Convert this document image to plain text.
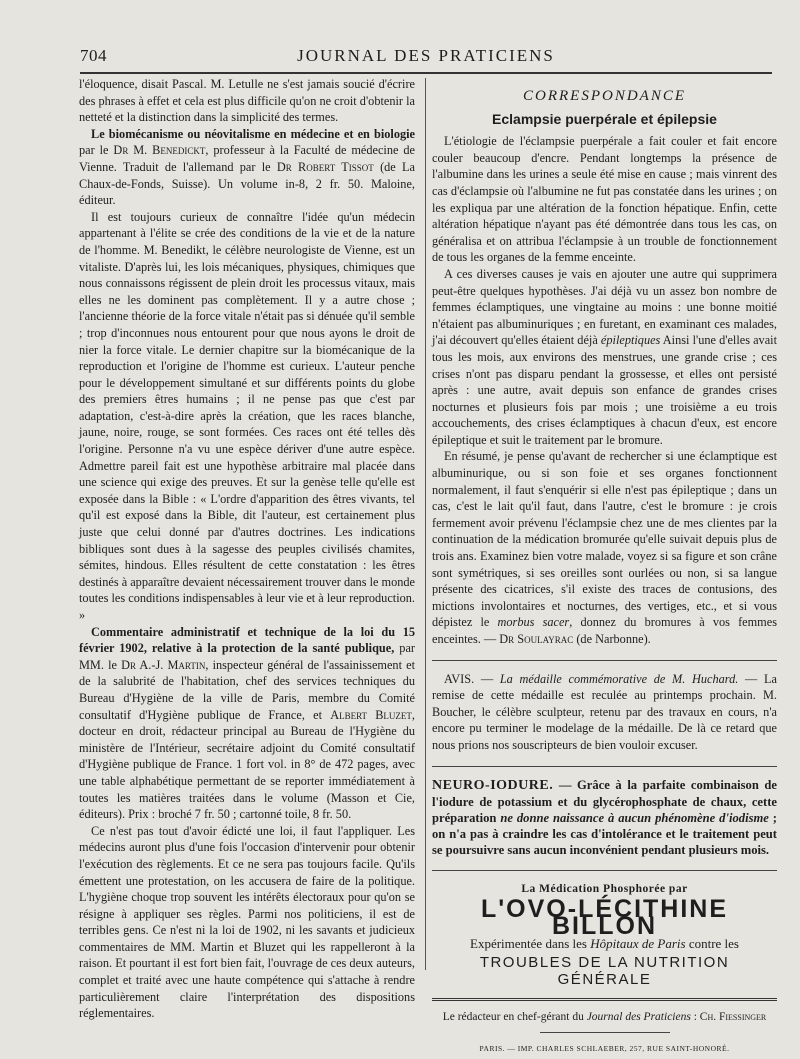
704	JOURNAL DES PRATICIENS

l'éloquence, disait Pascal. M. Letulle ne s'est jamais soucié d'écrire des phrases à effet et cela est plus difficile qu'on ne croit d'obtenir la netteté et la distinction dans la simplicité des termes.

Le biomécanisme ou néovitalisme en médecine et en biologie par le Dr M. Benedickt, professeur à la Faculté de médecine de Vienne. Traduit de l'allemand par le Dr Robert Tissot (de La Chaux-de-Fonds, Suisse). Un volume in-8, 2 fr. 50. Maloine, éditeur.

Il est toujours curieux de connaître l'idée qu'un médecin appartenant à l'élite se crée des conditions de la vie et de la nature de l'homme. M. Benedikt, le célèbre neurologiste de Vienne, est un vitaliste. D'après lui, les lois mécaniques, physiques, chimiques que nous connaissons régissent de plein droit les processus vitaux, mais elles ne les dominent pas complètement. Il y a autre chose ; l'ancienne théorie de la force vitale n'était pas si dénuée qu'il semble ; trop d'inconnues nous entourent pour que nous ayons le droit de nier la force vitale. Le dernier chapitre sur la biomécanique de la reproduction et l'origine de l'homme est curieux. L'auteur penche pour le développement simultané et sur différents points du globe des premiers êtres humains ; il ne pense pas que c'est par adaptation, c'est-à-dire après la création, que les races blanche, jaune, noire, rouge, se sont formées. Ces races ont été telles dès l'origine. Personne n'a vu une espèce dériver d'une autre espèce. Admettre pareil fait est une hypothèse arbitraire mal placée dans une science qui exige des preuves. Et sur la genèse telle qu'elle est exposée dans la Bible : « L'ordre d'apparition des êtres vivants, tel qu'il est exposé dans la Bible, dit l'auteur, est certainement plus juste que celui donné par d'autres doctrines. Les indications bibliques sont dues à la sagesse des peuples civilisés chamites, sémites, hindous. Elles résultent de cette constatation : les êtres destinés à apparaître devaient nécessairement trouver dans le monde toutes les conditions indispensables à leur vie et à leur reproduction. »

Commentaire administratif et technique de la loi du 15 février 1902, relative à la protection de la santé publique, par MM. le Dr A.-J. Martin, inspecteur général de l'assainissement et de la salubrité de l'habitation, chef des services techniques du Bureau d'Hygiène de la ville de Paris, membre du Comité consultatif d'Hygiène publique de France, et Albert Bluzet, docteur en droit, rédacteur principal au Bureau de l'Hygiène du ministère de l'Intérieur, secrétaire adjoint du Comité consultatif d'Hygiène publique de France. 1 fort vol. in 8° de 472 pages, avec une table alphabétique permettant de se reporter immédiatement à toutes les matières traitées dans le volume (Masson et Cie, éditeurs). Prix : broché 7 fr. 50 ; cartonné toile, 8 fr. 50.

Ce n'est pas tout d'avoir édicté une loi, il faut l'appliquer. Les médecins auront plus d'une fois l'occasion d'intervenir pour obtenir l'exécution des règlements. Et ce ne sera pas toujours facile. Qu'ils émettent une protestation, on les accusera de faire de la politique. L'hygiène choque trop souvent les intérêts électoraux pour qu'on se résigne à appliquer ses règles. Parmi nos politiciens, il est de terribles gens. Ce n'est ni la loi de 1902, ni les savants et judicieux commentaires de MM. Martin et Bluzet qui les rappelleront à la raison. Et pourtant il est fort bien fait, l'ouvrage de ces deux auteurs, complet et traité avec une haute compétence qui s'attache à rendre particulièrement claire l'interprétation des dispositions réglementaires.

CORRESPONDANCE
Eclampsie puerpérale et épilepsie

L'étiologie de l'éclampsie puerpérale a fait couler et fait encore couler beaucoup d'encre. Pendant longtemps la présence de l'albumine dans les urines a seule été mise en cause ; mais vinrent des cas d'éclampsie où l'albumine ne fut pas constatée dans les urines ; on les expliqua par une altération de la fonction hépatique. Enfin, cette altération hépatique n'ayant pas été démontrée dans tous les cas, on généralisa et on attribua l'éclampsie à un trouble de fonctionnement de tous les organes de la femme enceinte.

A ces diverses causes je vais en ajouter une autre qui supprimera peut-être quelques hypothèses. J'ai déjà vu un assez bon nombre de femmes éclamptiques, une vingtaine au moins : une bonne moitié n'étaient pas albuminuriques ; en furetant, en examinant ces malades, j'ai découvert qu'elles étaient déjà épileptiques Ainsi l'une d'elles avait tous les mois, aux environs des menstrues, une grande crise ; ces crises n'ont pas disparu pendant la grossesse, et elles ont persisté après : une autre, avait depuis son enfance de grandes crises nocturnes et plusieurs fois par mois ; une troisième a eu trois accouchements, des crises éclamptiques à chacun d'eux, est encore épileptique et suit le traitement par le bromure.

En résumé, je pense qu'avant de rechercher si une éclamptique est albuminurique, ou si son foie et ses organes fonctionnent normalement, il faut s'enquérir si elle n'est pas épileptique ; dans un cas, c'est le lait qu'il faut, dans l'autre, c'est le bromure : je crois fermement avoir prévenu l'éclampsie chez une de mes clientes par la continuation de la médication bromurée qu'elle suivait depuis plus de trois ans. Examinez bien votre malade, voyez si sa figure et son crâne sont symétriques, si ses oreilles sont ourlées ou non, si sa langue présente des cicatrices, s'il existe des traces de contusions, des mictions involontaires et nocturnes, des vertiges, etc., et si vous dépistez le morbus sacer, donnez du bromures à vos femmes enceintes. — Dr Soulayrac (de Narbonne).

AVIS. — La médaille commémorative de M. Huchard. — La remise de cette médaille est reculée au printemps prochain. M. Boucher, le célèbre sculpteur, retenu par des travaux en cours, n'a encore pu terminer le modelage de la médaille. De là ce retard que nous prions nos souscripteurs de bien vouloir excuser.

NEURO-IODURE. — Grâce à la parfaite combinaison de l'iodure de potassium et du glycérophosphate de chaux, cette préparation ne donne naissance à aucun phénomène d'iodisme ; on n'a pas à craindre les cas d'intolérance et le traitement peut se poursuivre sans aucun inconvénient pendant plusieurs mois.
La Médication Phosphorée par
L'OVO-LÉCITHINE BILLON
Expérimentée dans les Hôpitaux de Paris contre les
TROUBLES DE LA NUTRITION GÉNÉRALE
Le rédacteur en chef-gérant du Journal des Praticiens : Ch. Fiessinger
PARIS. — IMP. CHARLES SCHLAEBER, 257, RUE SAINT-HONORÉ.
